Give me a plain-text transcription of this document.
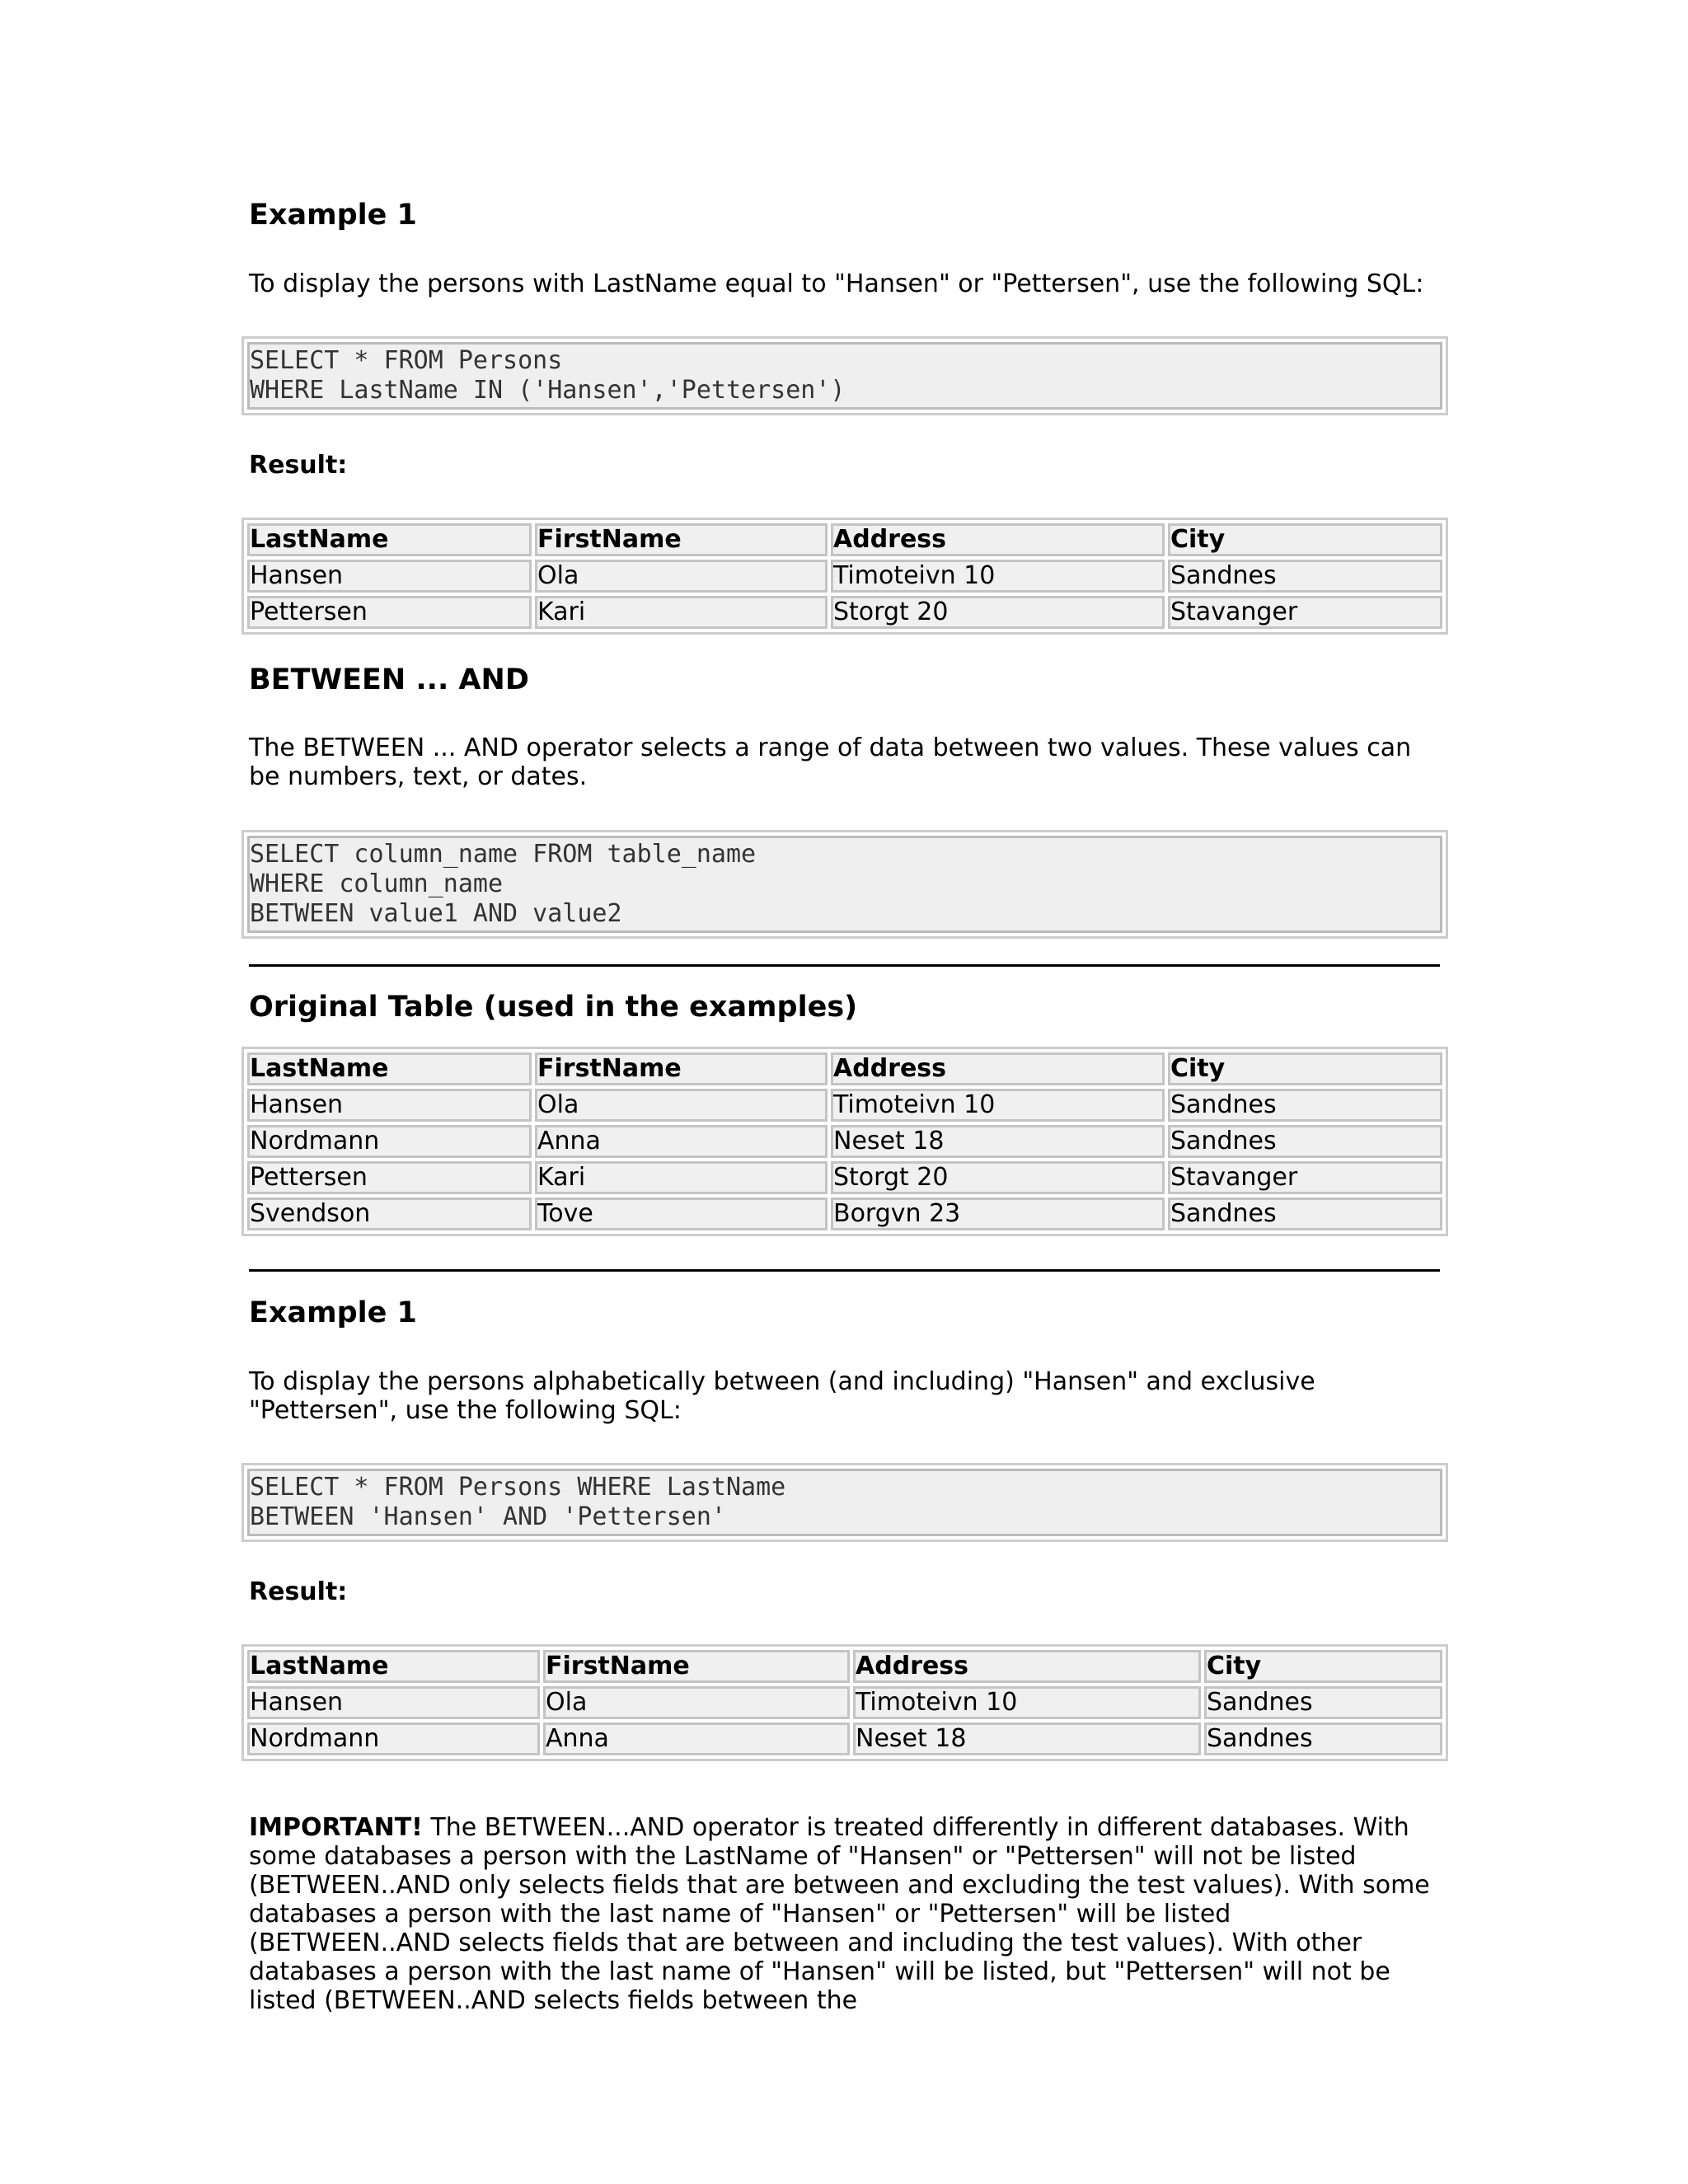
Example 1

To display the persons with LastName equal to "Hansen" or "Pettersen", use the following SQL:

SELECT * FROM Persons
WHERE LastName IN ('Hansen','Pettersen')
Result:
LastName	FirstName	Address	City
Hansen	Ola	Timoteivn 10	Sandnes
Pettersen	Kari	Storgt 20	Stavanger
BETWEEN ... AND

The BETWEEN ... AND operator selects a range of data between two values. These values can be numbers, text, or dates.

SELECT column_name FROM table_name
WHERE column_name
BETWEEN value1 AND value2
Original Table (used in the examples)
LastName	FirstName	Address	City
Hansen	Ola	Timoteivn 10	Sandnes
Nordmann	Anna	Neset 18	Sandnes
Pettersen	Kari	Storgt 20	Stavanger
Svendson	Tove	Borgvn 23	Sandnes
Example 1

To display the persons alphabetically between (and including) "Hansen" and exclusive "Pettersen", use the following SQL:

SELECT * FROM Persons WHERE LastName
BETWEEN 'Hansen' AND 'Pettersen'
Result:
LastName	FirstName	Address	City
Hansen	Ola	Timoteivn 10	Sandnes
Nordmann	Anna	Neset 18	Sandnes

IMPORTANT! The BETWEEN...AND operator is treated differently in different databases. With some databases a person with the LastName of "Hansen" or "Pettersen" will not be listed (BETWEEN..AND only selects fields that are between and excluding the test values). With some databases a person with the last name of "Hansen" or "Pettersen" will be listed (BETWEEN..AND selects fields that are between and including the test values). With other databases a person with the last name of "Hansen" will be listed, but "Pettersen" will not be listed (BETWEEN..AND selects fields between the
